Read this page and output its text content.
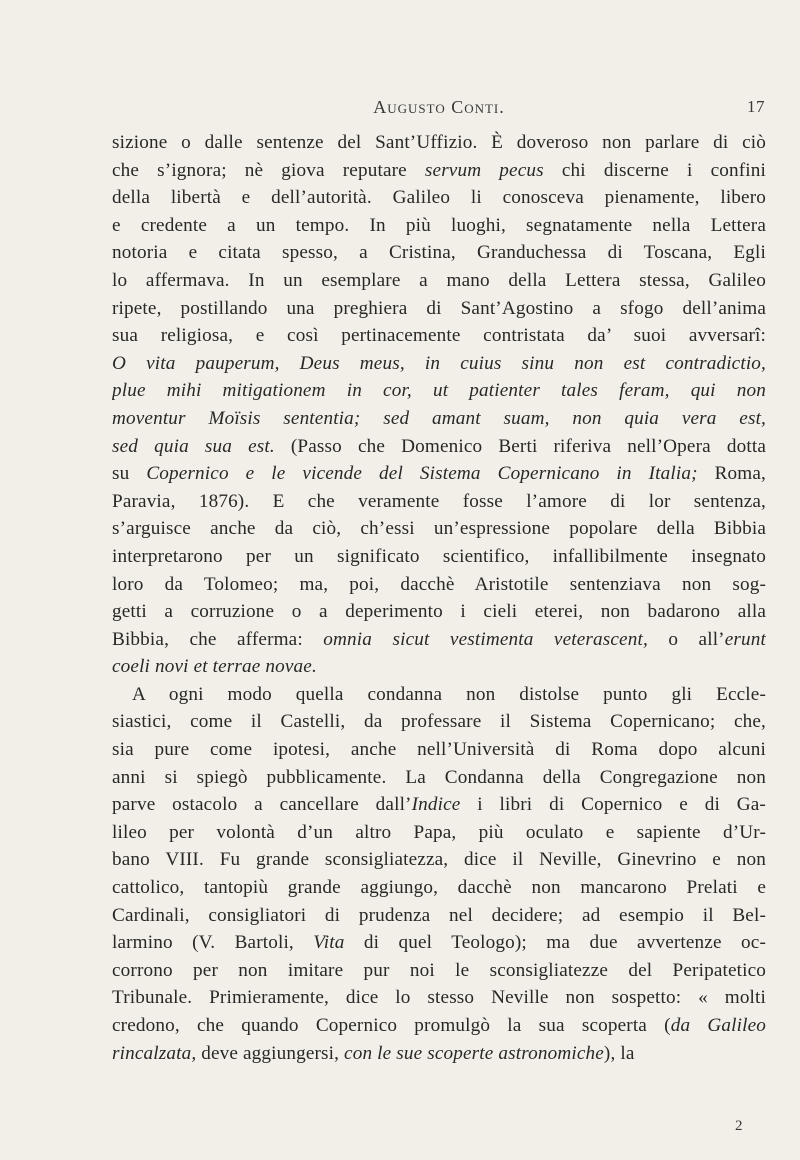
Augusto Conti.	17
sizione o dalle sentenze del Sant’Uffizio. È doveroso non parlare di ciò
che s’ignora; nè giova reputare servum pecus chi discerne i confini
della libertà e dell’autorità. Galileo li conosceva pienamente, libero
e credente a un tempo. In più luoghi, segnatamente nella Lettera
notoria e citata spesso, a Cristina, Granduchessa di Toscana, Egli
lo affermava. In un esemplare a mano della Lettera stessa, Galileo
ripete, postillando una preghiera di Sant’Agostino a sfogo dell’anima
sua religiosa, e così pertinacemente contristata da’ suoi avversarî:
O vita pauperum, Deus meus, in cuius sinu non est contradictio,
plue mihi mitigationem in cor, ut patienter tales feram, qui non
moventur Moïsis sententia; sed amant suam, non quia vera est,
sed quia sua est. (Passo che Domenico Berti riferiva nell’Opera dotta
su Copernico e le vicende del Sistema Copernicano in Italia; Roma,
Paravia, 1876). E che veramente fosse l’amore di lor sentenza,
s’arguisce anche da ciò, ch’essi un’espressione popolare della Bibbia
interpretarono per un significato scientifico, infallibilmente insegnato
loro da Tolomeo; ma, poi, dacchè Aristotile sentenziava non sog-
getti a corruzione o a deperimento i cieli eterei, non badarono alla
Bibbia, che afferma: omnia sicut vestimenta veterascent, o all’erunt
coeli novi et terrae novae.
A ogni modo quella condanna non distolse punto gli Eccle-
siastici, come il Castelli, da professare il Sistema Copernicano; che,
sia pure come ipotesi, anche nell’Università di Roma dopo alcuni
anni si spiegò pubblicamente. La Condanna della Congregazione non
parve ostacolo a cancellare dall’Indice i libri di Copernico e di Ga-
lileo per volontà d’un altro Papa, più oculato e sapiente d’Ur-
bano VIII. Fu grande sconsigliatezza, dice il Neville, Ginevrino e non
cattolico, tantopiù grande aggiungo, dacchè non mancarono Prelati e
Cardinali, consigliatori di prudenza nel decidere; ad esempio il Bel-
larmino (V. Bartoli, Vita di quel Teologo); ma due avvertenze oc-
corrono per non imitare pur noi le sconsigliatezze del Peripatetico
Tribunale. Primieramente, dice lo stesso Neville non sospetto: « molti
credono, che quando Copernico promulgò la sua scoperta (da Galileo
rincalzata, deve aggiungersi, con le sue scoperte astronomiche), la
2
